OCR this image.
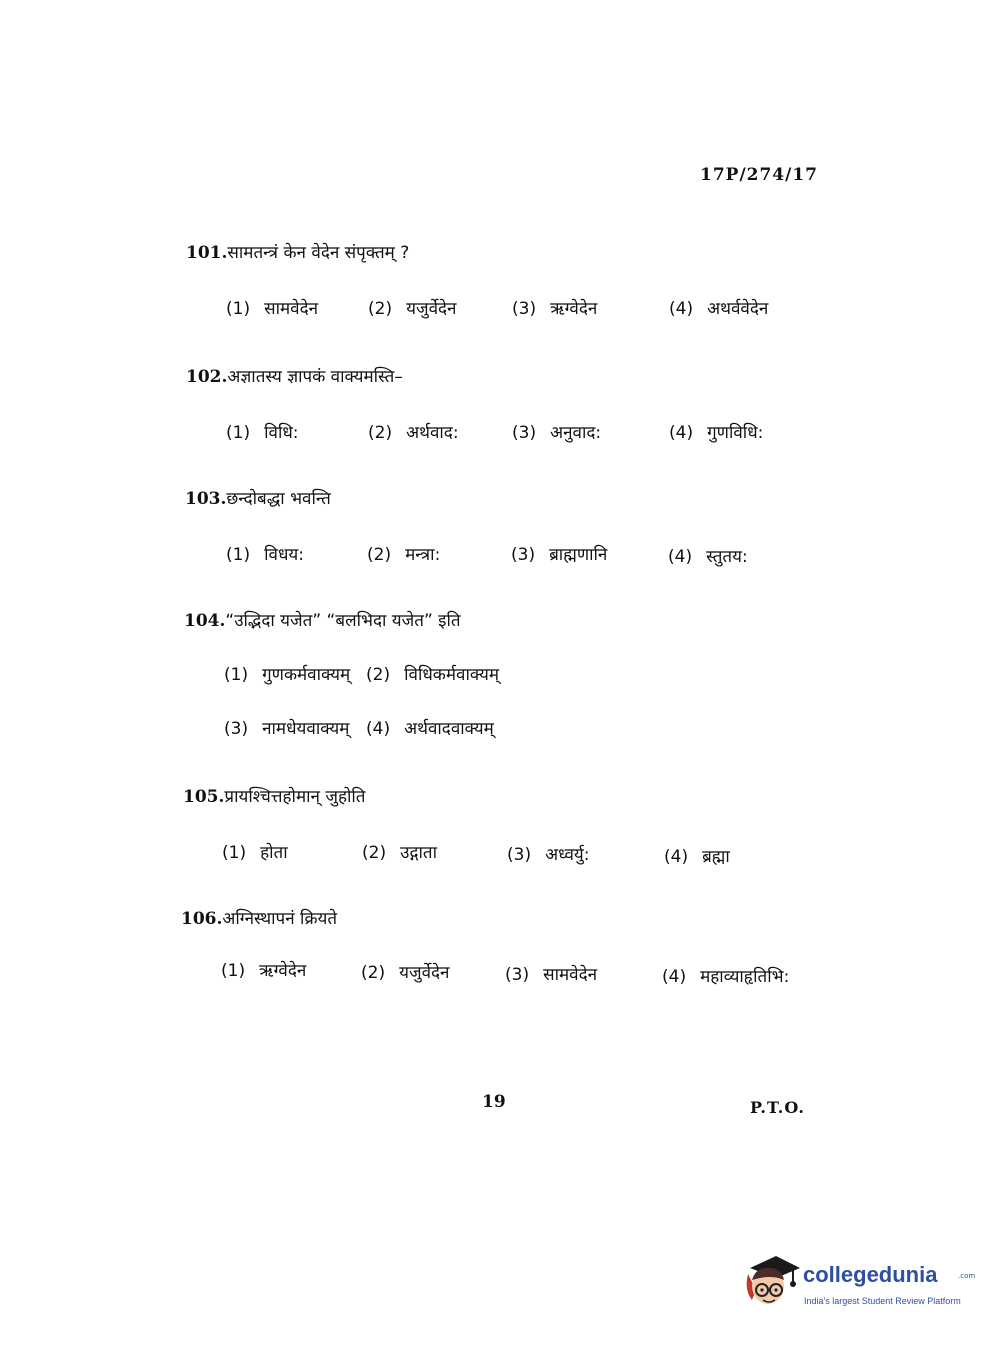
17P/274/17
101.सामतन्त्रं केन वेदेन संपृक्तम् ?
(1) सामवेदेन	(2) यजुर्वेदेन	(3) ऋग्वेदेन	(4) अथर्ववेदेन
102.अज्ञातस्य ज्ञापकं वाक्यमस्ति–
(1) विधि:	(2) अर्थवाद:	(3) अनुवाद:	(4) गुणविधि:
103.छन्दोबद्धा भवन्ति
(1) विधय:	(2) मन्त्रा:	(3) ब्राह्मणानि	(4) स्तुतय:
104.“उद्भिदा यजेत” “बलभिदा यजेत” इति
(1) गुणकर्मवाक्यम् (2) विधिकर्मवाक्यम्
(3) नामधेयवाक्यम् (4) अर्थवादवाक्यम्
105.प्रायश्चित्तहोमान् जुहोति
(1) होता	(2) उद्गाता	(3) अध्वर्यु:	(4) ब्रह्मा
106.अग्निस्थापनं क्रियते
(1) ऋग्वेदेन	(2) यजुर्वेदेन	(3) सामवेदेन	(4) महाव्याहृतिभि:
19	P.T.O.
collegedunia	.com
India's largest Student Review Platform
